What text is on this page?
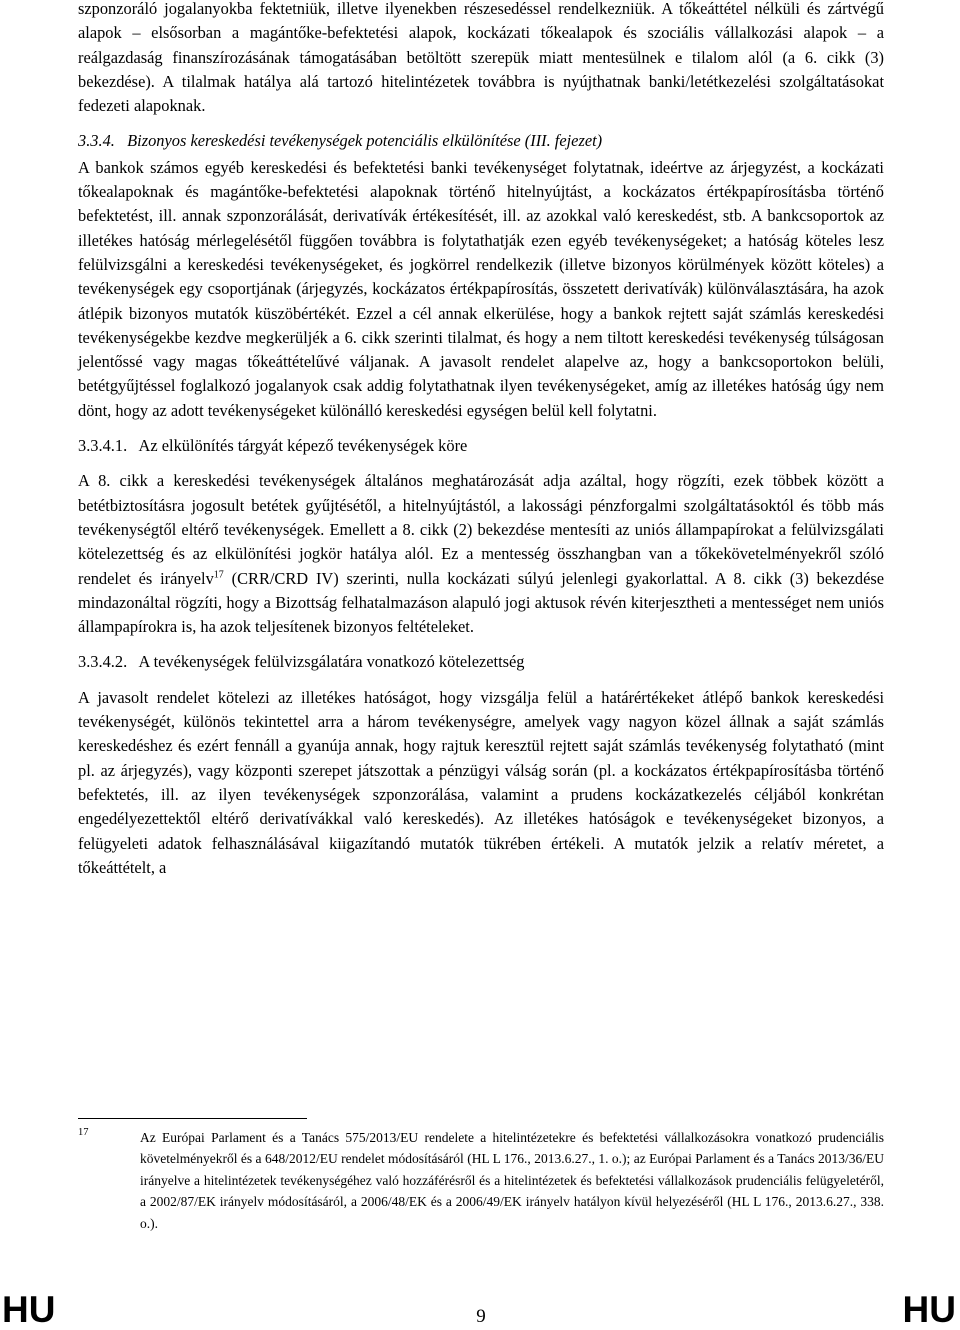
szponzoráló jogalanyokba fektetniük, illetve ilyenekben részesedéssel rendelkezniük. A tőkeáttétel nélküli és zártvégű alapok – elsősorban a magántőke-befektetési alapok, kockázati tőkealapok és szociális vállalkozási alapok – a reálgazdaság finanszírozásának támogatásában betöltött szerepük miatt mentesülnek e tilalom alól (a 6. cikk (3) bekezdése). A tilalmak hatálya alá tartozó hitelintézetek továbbra is nyújthatnak banki/letétkezelési szolgáltatásokat fedezeti alapoknak.

3.3.4.   Bizonyos kereskedési tevékenységek potenciális elkülönítése (III. fejezet)

A bankok számos egyéb kereskedési és befektetési banki tevékenységet folytatnak, ideértve az árjegyzést, a kockázati tőkealapoknak és magántőke-befektetési alapoknak történő hitelnyújtást, a kockázatos értékpapírosításba történő befektetést, ill. annak szponzorálását, derivatívák értékesítését, ill. az azokkal való kereskedést, stb. A bankcsoportok az illetékes hatóság mérlegelésétől függően továbbra is folytathatják ezen egyéb tevékenységeket; a hatóság köteles lesz felülvizsgálni a kereskedési tevékenységeket, és jogkörrel rendelkezik (illetve bizonyos körülmények között köteles) a tevékenységek egy csoportjának (árjegyzés, kockázatos értékpapírosítás, összetett derivatívák) különválasztására, ha azok átlépik bizonyos mutatók küszöbértékét. Ezzel a cél annak elkerülése, hogy a bankok rejtett saját számlás kereskedési tevékenységekbe kezdve megkerüljék a 6. cikk szerinti tilalmat, és hogy a nem tiltott kereskedési tevékenység túlságosan jelentőssé vagy magas tőkeáttételűvé váljanak. A javasolt rendelet alapelve az, hogy a bankcsoportokon belüli, betétgyűjtéssel foglalkozó jogalanyok csak addig folytathatnak ilyen tevékenységeket, amíg az illetékes hatóság úgy nem dönt, hogy az adott tevékenységeket különálló kereskedési egységen belül kell folytatni.

3.3.4.1.   Az elkülönítés tárgyát képező tevékenységek köre

A 8. cikk a kereskedési tevékenységek általános meghatározását adja azáltal, hogy rögzíti, ezek többek között a betétbiztosításra jogosult betétek gyűjtésétől, a hitelnyújtástól, a lakossági pénzforgalmi szolgáltatásoktól és több más tevékenységtől eltérő tevékenységek. Emellett a 8. cikk (2) bekezdése mentesíti az uniós állampapírokat a felülvizsgálati kötelezettség és az elkülönítési jogkör hatálya alól. Ez a mentesség összhangban van a tőkekövetelményekről szóló rendelet és irányelv$^{17}$ (CRR/CRD IV) szerinti, nulla kockázati súlyú jelenlegi gyakorlattal. A 8. cikk (3) bekezdése mindazonáltal rögzíti, hogy a Bizottság felhatalmazáson alapuló jogi aktusok révén kiterjesztheti a mentességet nem uniós állampapírokra is, ha azok teljesítenek bizonyos feltételeket.

3.3.4.2.   A tevékenységek felülvizsgálatára vonatkozó kötelezettség

A javasolt rendelet kötelezi az illetékes hatóságot, hogy vizsgálja felül a határértékeket átlépő bankok kereskedési tevékenységét, különös tekintettel arra a három tevékenységre, amelyek vagy nagyon közel állnak a saját számlás kereskedéshez és ezért fennáll a gyanúja annak, hogy rajtuk keresztül rejtett saját számlás tevékenység folytatható (mint pl. az árjegyzés), vagy központi szerepet játszottak a pénzügyi válság során (pl. a kockázatos értékpapírosításba történő befektetés, ill. az ilyen tevékenységek szponzorálása, valamint a prudens kockázatkezelés céljából konkrétan engedélyezettektől eltérő derivatívákkal való kereskedés). Az illetékes hatóságok e tevékenységeket bizonyos, a felügyeleti adatok felhasználásával kiigazítandó mutatók tükrében értékeli. A mutatók jelzik a relatív méretet, a tőkeáttételt, a

17	Az Európai Parlament és a Tanács 575/2013/EU rendelete a hitelintézetekre és befektetési vállalkozásokra vonatkozó prudenciális követelményekről és a 648/2012/EU rendelet módosításáról (HL L 176., 2013.6.27., 1. o.); az Európai Parlament és a Tanács 2013/36/EU irányelve a hitelintézetek tevékenységéhez való hozzáférésről és a hitelintézetek és befektetési vállalkozások prudenciális felügyeletéről, a 2002/87/EK irányelv módosításáról, a 2006/48/EK és a 2006/49/EK irányelv hatályon kívül helyezéséről (HL L 176., 2013.6.27., 338. o.).

HU	9	HU
